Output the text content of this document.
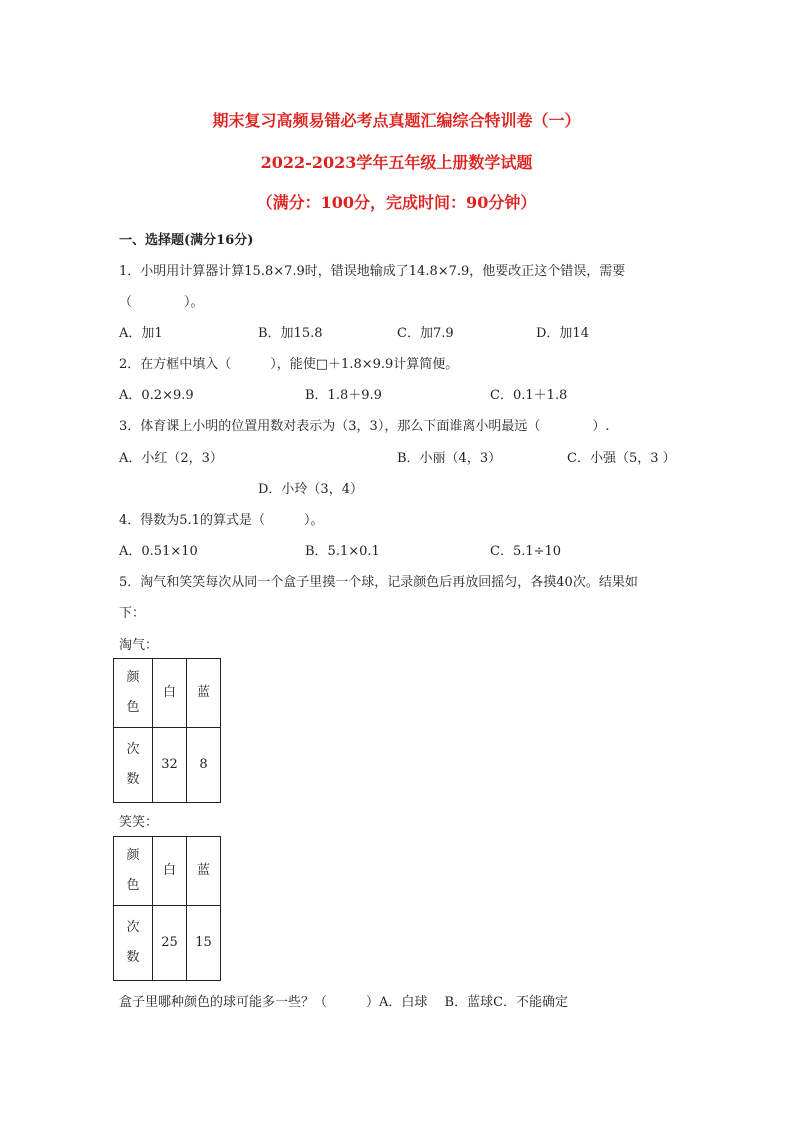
期末复习高频易错必考点真题汇编综合特训卷（一）
2022-2023学年五年级上册数学试题
（满分：100分，完成时间：90分钟）
一、选择题(满分16分)
1．小明用计算器计算15.8×7.9时，错误地输成了14.8×7.9，他要改正这个错误，需要
（　　　　）。
A．加1	B．加15.8	C．加7.9	D．加14
2．在方框中填入（　　　），能使□＋1.8×9.9计算简便。
A．0.2×9.9	B．1.8＋9.9	C．0.1＋1.8
3．体育课上小明的位置用数对表示为（3，3），那么下面谁离小明最远（　　　　）.
A．小红（2，3）	B．小丽（4，3）	C．小强（5，3 ）
D．小玲（3，4）
4．得数为5.1的算式是（　　　）。
A．0.51×10	B．5.1×0.1	C．5.1÷10
5．淘气和笑笑每次从同一个盒子里摸一个球，记录颜色后再放回摇匀，各摸40次。结果如
下：
淘气：
颜 色	白	蓝
次 数	32	8
笑笑：
颜 色	白	蓝
次 数	25	15
盒子里哪种颜色的球可能多一些？（　　　）A．白球　 B．蓝球C．不能确定
